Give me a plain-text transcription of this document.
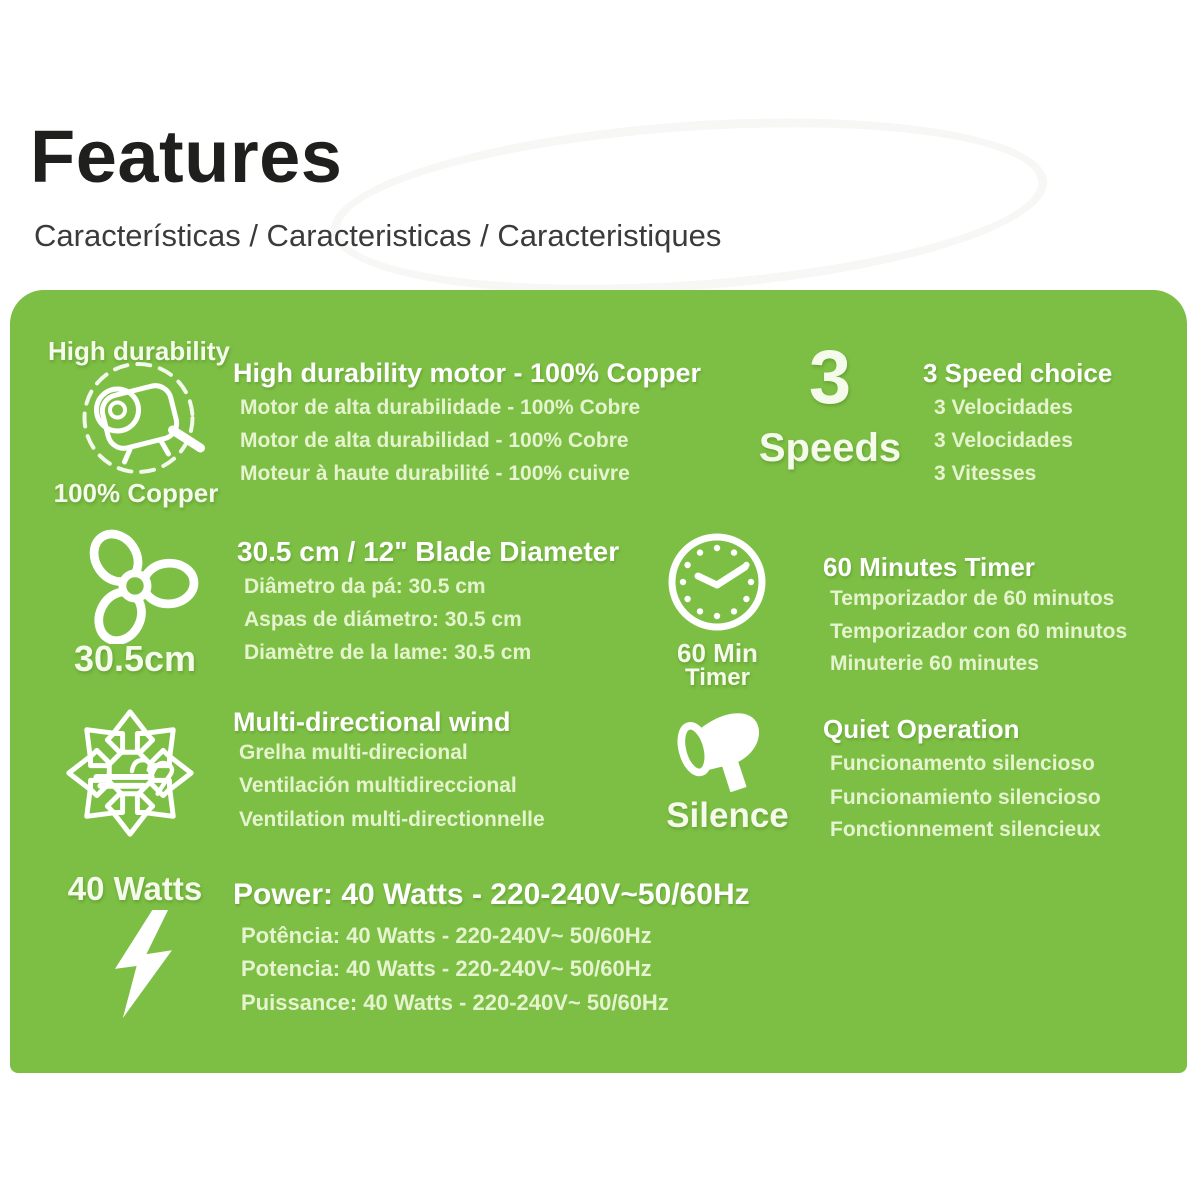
Features
Características / Caracteristicas / Caracteristiques
High durability
100% Copper
High durability motor - 100% Copper
Motor de alta durabilidade - 100% Cobre
Motor de alta durabilidad - 100% Cobre
Moteur à haute durabilité - 100% cuivre
3
Speeds
3 Speed choice
3 Velocidades
3 Velocidades
3 Vitesses
30.5cm
30.5 cm / 12" Blade Diameter
Diâmetro da pá: 30.5 cm
Aspas de diámetro: 30.5 cm
Diamètre de la lame: 30.5 cm	60 Min
Timer
60 Minutes Timer
Temporizador de 60 minutos
Temporizador con 60 minutos
Minuterie 60 minutes
Multi-directional wind
Grelha multi-direcional
Ventilación multidireccional
Ventilation multi-directionnelle	Silence
Quiet Operation
Funcionamento silencioso
Funcionamiento silencioso
Fonctionnement silencieux
40 Watts	Power: 40 Watts - 220-240V~50/60Hz
Potência: 40 Watts - 220-240V~ 50/60Hz
Potencia: 40 Watts - 220-240V~ 50/60Hz
Puissance: 40 Watts - 220-240V~ 50/60Hz
